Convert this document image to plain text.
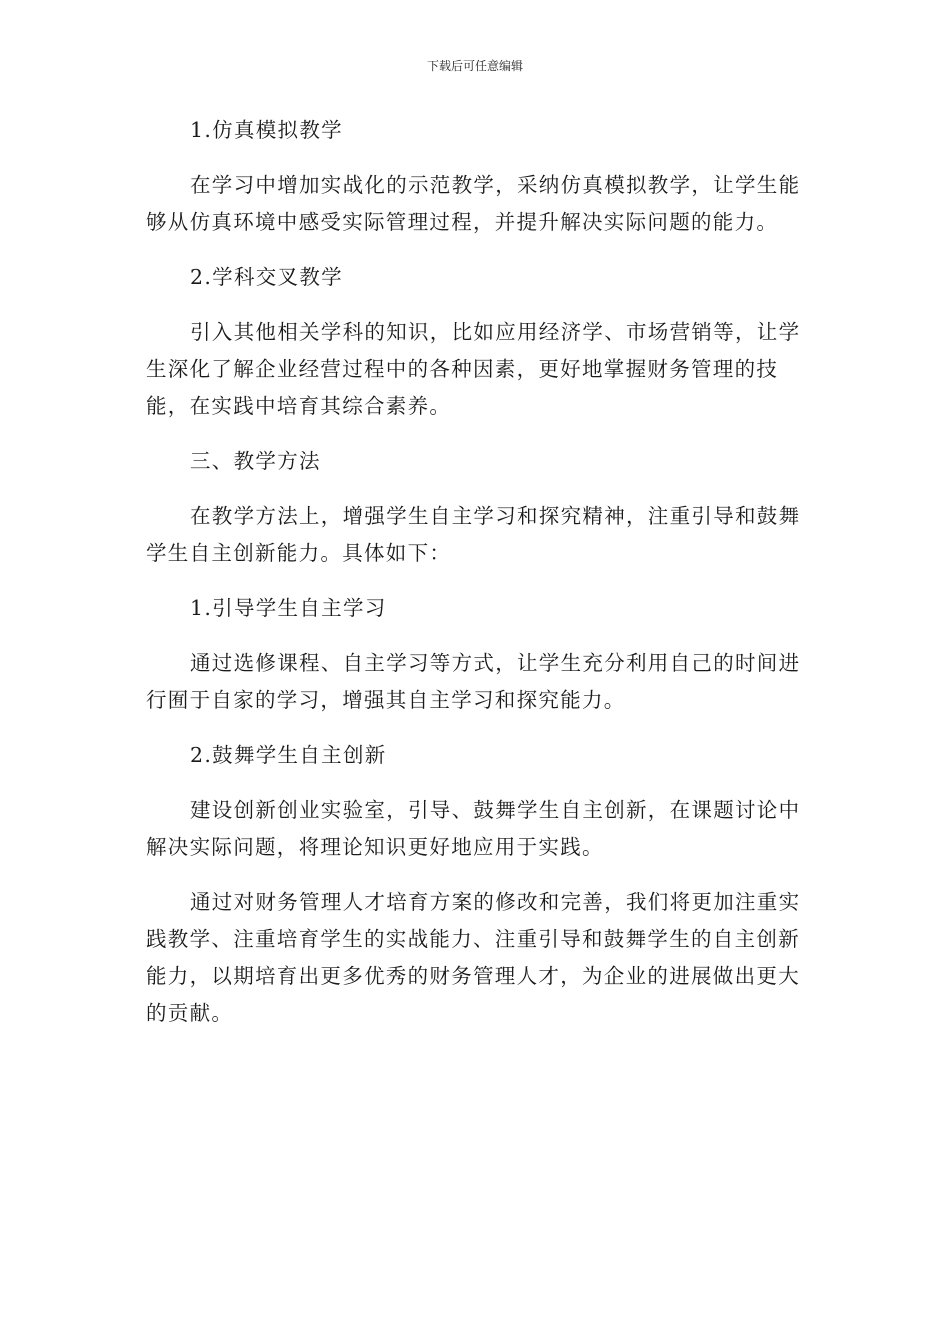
下载后可任意编辑

1.仿真模拟教学

在学习中增加实战化的示范教学，采纳仿真模拟教学，让学生能够从仿真环境中感受实际管理过程，并提升解决实际问题的能力。

2.学科交叉教学

引入其他相关学科的知识，比如应用经济学、市场营销等，让学生深化了解企业经营过程中的各种因素，更好地掌握财务管理的技能，在实践中培育其综合素养。

三、教学方法

在教学方法上，增强学生自主学习和探究精神，注重引导和鼓舞学生自主创新能力。具体如下：

1.引导学生自主学习

通过选修课程、自主学习等方式，让学生充分利用自己的时间进行囿于自家的学习，增强其自主学习和探究能力。

2.鼓舞学生自主创新

建设创新创业实验室，引导、鼓舞学生自主创新，在课题讨论中解决实际问题，将理论知识更好地应用于实践。

通过对财务管理人才培育方案的修改和完善，我们将更加注重实践教学、注重培育学生的实战能力、注重引导和鼓舞学生的自主创新能力，以期培育出更多优秀的财务管理人才，为企业的进展做出更大的贡献。
